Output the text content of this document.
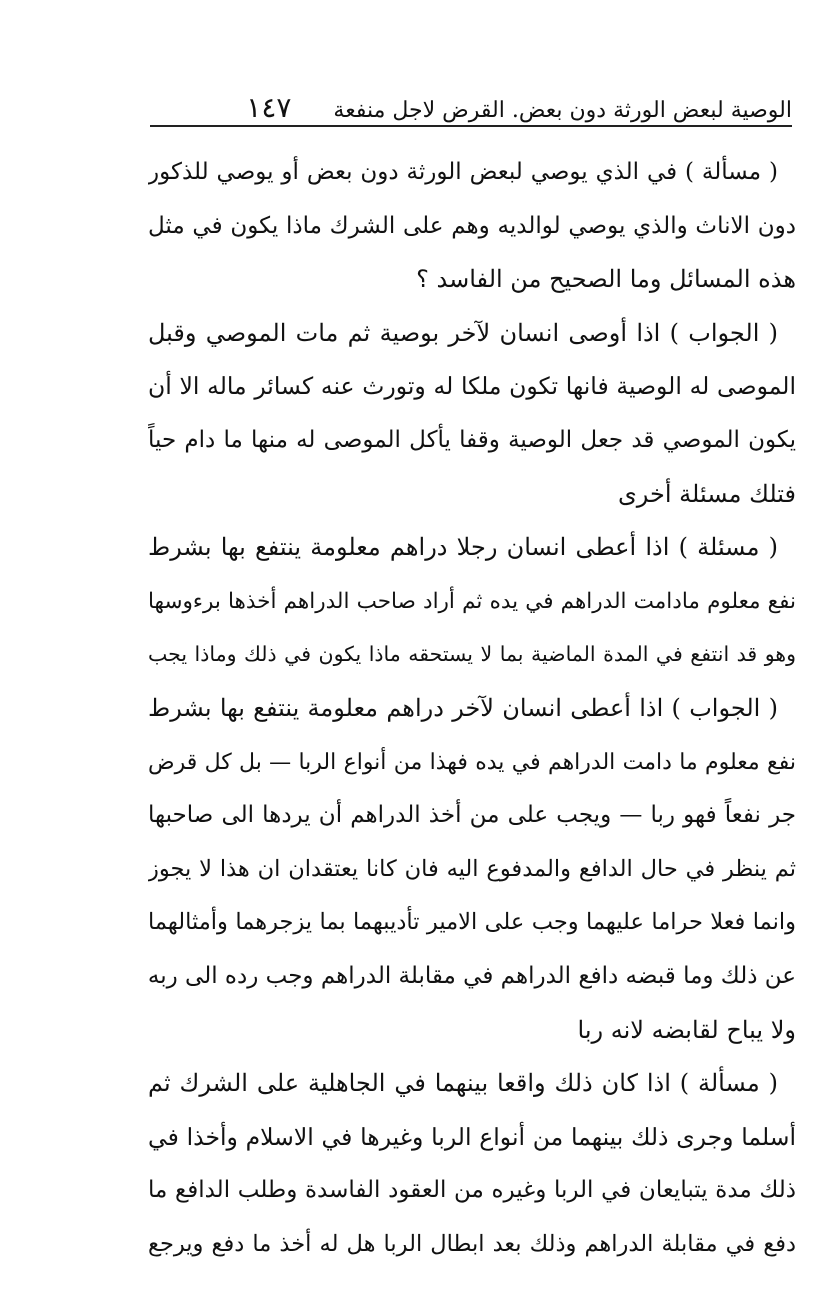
الوصية لبعض الورثة دون بعض. القرض لاجل منفعة
١٤٧
( مسألة ) في الذي يوصي لبعض الورثة دون بعض أو يوصي للذكور
دون الاناث والذي يوصي لوالديه وهم على الشرك ماذا يكون في مثل
هذه المسائل وما الصحيح من الفاسد ؟
( الجواب ) اذا أوصى انسان لآخر بوصية ثم مات الموصي وقبل
الموصى له الوصية فانها تكون ملكا له وتورث عنه كسائر ماله الا أن
يكون الموصي قد جعل الوصية وقفا يأكل الموصى له منها ما دام حياً
فتلك مسئلة أخرى
( مسئلة ) اذا أعطى انسان رجلا دراهم معلومة ينتفع بها بشرط
نفع معلوم مادامت الدراهم في يده ثم أراد صاحب الدراهم أخذها برءوسها
وهو قد انتفع في المدة الماضية بما لا يستحقه ماذا يكون في ذلك وماذا يجب
( الجواب ) اذا أعطى انسان لآخر دراهم معلومة ينتفع بها بشرط
نفع معلوم ما دامت الدراهم في يده فهذا من أنواع الربا — بل كل قرض
جر نفعاً فهو ربا — ويجب على من أخذ الدراهم أن يردها الى صاحبها
ثم ينظر في حال الدافع والمدفوع اليه فان كانا يعتقدان ان هذا لا يجوز
وانما فعلا حراما عليهما وجب على الامير تأديبهما بما يزجرهما وأمثالهما
عن ذلك وما قبضه دافع الدراهم في مقابلة الدراهم وجب رده الى ربه
ولا يباح لقابضه لانه ربا
( مسألة ) اذا كان ذلك واقعا بينهما في الجاهلية على الشرك ثم
أسلما وجرى ذلك بينهما من أنواع الربا وغيرها في الاسلام وأخذا في
ذلك مدة يتبايعان في الربا وغيره من العقود الفاسدة وطلب الدافع ما
دفع في مقابلة الدراهم وذلك بعد ابطال الربا هل له أخذ ما دفع ويرجع
